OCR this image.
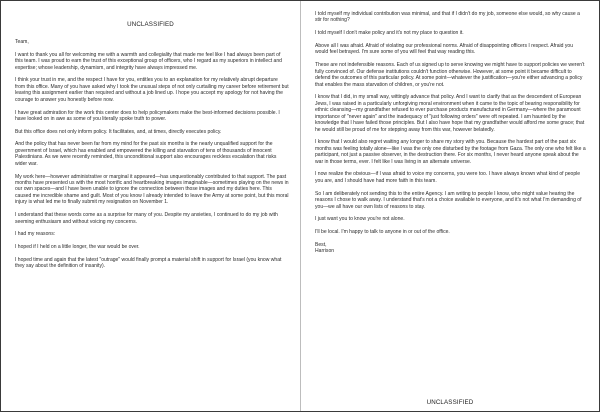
UNCLASSIFIED

Team,

I want to thank you all for welcoming me with a warmth and collegiality that made me feel like I had always been part of this team. I was proud to earn the trust of this exceptional group of officers, who I regard as my superiors in intellect and expertise; whose leadership, dynamism, and integrity have always impressed me.

I think your trust in me, and the respect I have for you, entitles you to an explanation for my relatively abrupt departure from this office. Many of you have asked why I took the unusual steps of not only curtailing my career before retirement but leaving this assignment earlier than required and without a job lined up. I hope you accept my apology for not having the courage to answer you honestly before now.

I have great admiration for the work this center does to help policymakers make the best-informed decisions possible. I have looked on in awe as some of you literally spoke truth to power.

But this office does not only inform policy. It facilitates, and, at times, directly executes policy.

And the policy that has never been far from my mind for the past six months is the nearly unqualified support for the government of Israel, which has enabled and empowered the killing and starvation of tens of thousands of innocent Palestinians. As we were recently reminded, this unconditional support also encourages reckless escalation that risks wider war.

My work here—however administrative or marginal it appeared—has unquestionably contributed to that support. The past months have presented us with the most horrific and heartbreaking images imaginable—sometimes playing on the news in our own spaces—and I have been unable to ignore the connection between those images and my duties here. This caused me incredible shame and guilt. Most of you know I already intended to leave the Army at some point, but this moral injury is what led me to finally submit my resignation on November 1.

I understand that these words come as a surprise for many of you. Despite my anxieties, I continued to do my job with seeming enthusiasm and without voicing my concerns.

I had my reasons:

I hoped if I held on a little longer, the war would be over.

I hoped time and again that the latest "outrage" would finally prompt a material shift in support for Israel (you know what they say about the definition of insanity).

I told myself my individual contribution was minimal, and that if I didn't do my job, someone else would, so why cause a stir for nothing?

I told myself I don't make policy and it's not my place to question it.

Above all I was afraid. Afraid of violating our professional norms. Afraid of disappointing officers I respect. Afraid you would feel betrayed. I'm sure some of you will feel that way reading this.

These are not indefensible reasons. Each of us signed up to serve knowing we might have to support policies we weren't fully convinced of. Our defense institutions couldn't function otherwise. However, at some point it became difficult to defend the outcomes of this particular policy. At some point—whatever the justification—you're either advancing a policy that enables the mass starvation of children, or you're not.

I know that I did, in my small way, wittingly advance that policy. And I want to clarify that as the descendent of European Jews, I was raised in a particularly unforgiving moral environment when it came to the topic of bearing responsibility for ethnic cleansing—my grandfather refused to ever purchase products manufactured in Germany—where the paramount importance of "never again" and the inadequacy of "just following orders" were oft repeated. I am haunted by the knowledge that I have failed those principles. But I also have hope that my grandfather would afford me some grace; that he would still be proud of me for stepping away from this war, however belatedly.

I know that I would also regret waiting any longer to share my story with you. Because the hardest part of the past six months was feeling totally alone—like I was the only one disturbed by the footage from Gaza. The only one who felt like a participant, not just a passive observer, in the destruction there. For six months, I never heard anyone speak about the war in those terms, ever. I felt like I was living in an alternate universe.

I now realize the obvious—if I was afraid to voice my concerns, you were too. I have always known what kind of people you are, and I should have had more faith in this team.

So I am deliberately not sending this to the entire Agency. I am writing to people I know, who might value hearing the reasons I chose to walk away. I understand that's not a choice available to everyone, and it's not what I'm demanding of you—we all have our own lists of reasons to stay.

I just want you to know you're not alone.

I'll be local. I'm happy to talk to anyone in or out of the office.

Best,

Harrison

UNCLASSIFIED
